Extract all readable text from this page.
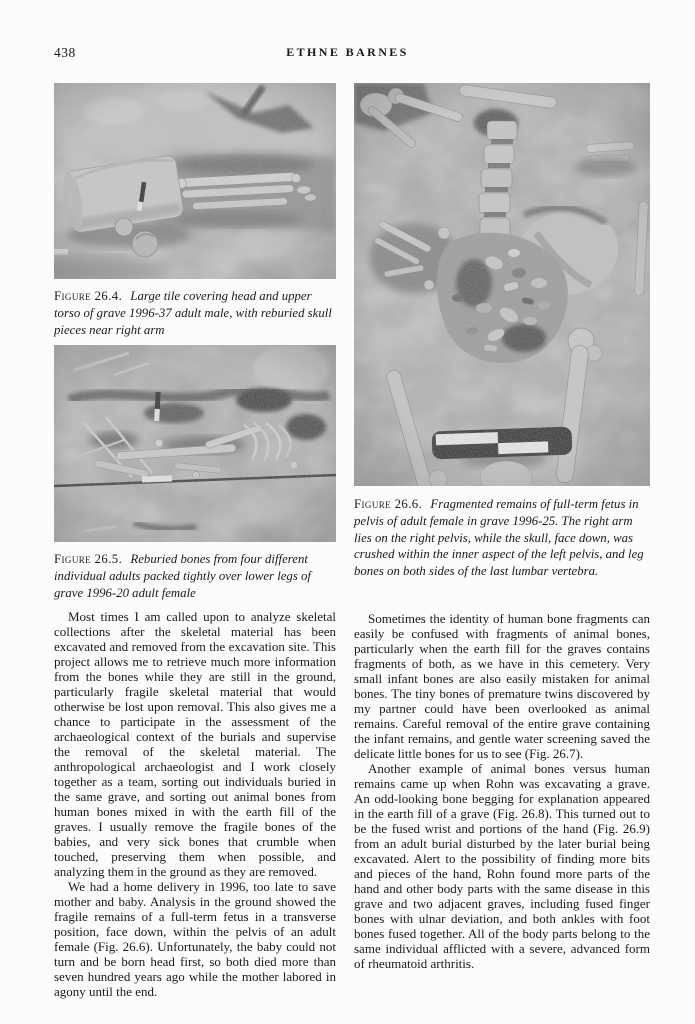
438	ETHNE BARNES

Figure 26.4. Large tile covering head and upper torso of grave 1996-37 adult male, with reburied skull pieces near right arm

Figure 26.5. Reburied bones from four different individual adults packed tightly over lower legs of grave 1996-20 adult female

Most times I am called upon to analyze skeletal collections after the skeletal material has been excavated and removed from the excavation site. This project allows me to retrieve much more information from the bones while they are still in the ground, particularly fragile skeletal material that would otherwise be lost upon removal. This also gives me a chance to participate in the assessment of the archaeological context of the burials and supervise the removal of the skeletal material. The anthropological archaeologist and I work closely together as a team, sorting out individuals buried in the same grave, and sorting out animal bones from human bones mixed in with the earth fill of the graves. I usually remove the fragile bones of the babies, and very sick bones that crumble when touched, preserving them when possible, and analyzing them in the ground as they are removed.

We had a home delivery in 1996, too late to save mother and baby. Analysis in the ground showed the fragile remains of a full-term fetus in a transverse position, face down, within the pelvis of an adult female (Fig. 26.6). Unfortunately, the baby could not turn and be born head first, so both died more than seven hundred years ago while the mother labored in agony until the end.

Figure 26.6. Fragmented remains of full-term fetus in pelvis of adult female in grave 1996-25. The right arm lies on the right pelvis, while the skull, face down, was crushed within the inner aspect of the left pelvis, and leg bones on both sides of the last lumbar vertebra.

Sometimes the identity of human bone fragments can easily be confused with fragments of animal bones, particularly when the earth fill for the graves contains fragments of both, as we have in this cemetery. Very small infant bones are also easily mistaken for animal bones. The tiny bones of premature twins discovered by my partner could have been overlooked as animal remains. Careful removal of the entire grave containing the infant remains, and gentle water screening saved the delicate little bones for us to see (Fig. 26.7).

Another example of animal bones versus human remains came up when Rohn was excavating a grave. An odd-looking bone begging for explanation appeared in the earth fill of a grave (Fig. 26.8). This turned out to be the fused wrist and portions of the hand (Fig. 26.9) from an adult burial disturbed by the later burial being excavated. Alert to the possibility of finding more bits and pieces of the hand, Rohn found more parts of the hand and other body parts with the same disease in this grave and two adjacent graves, including fused finger bones with ulnar deviation, and both ankles with foot bones fused together. All of the body parts belong to the same individual afflicted with a severe, advanced form of rheumatoid arthritis.
